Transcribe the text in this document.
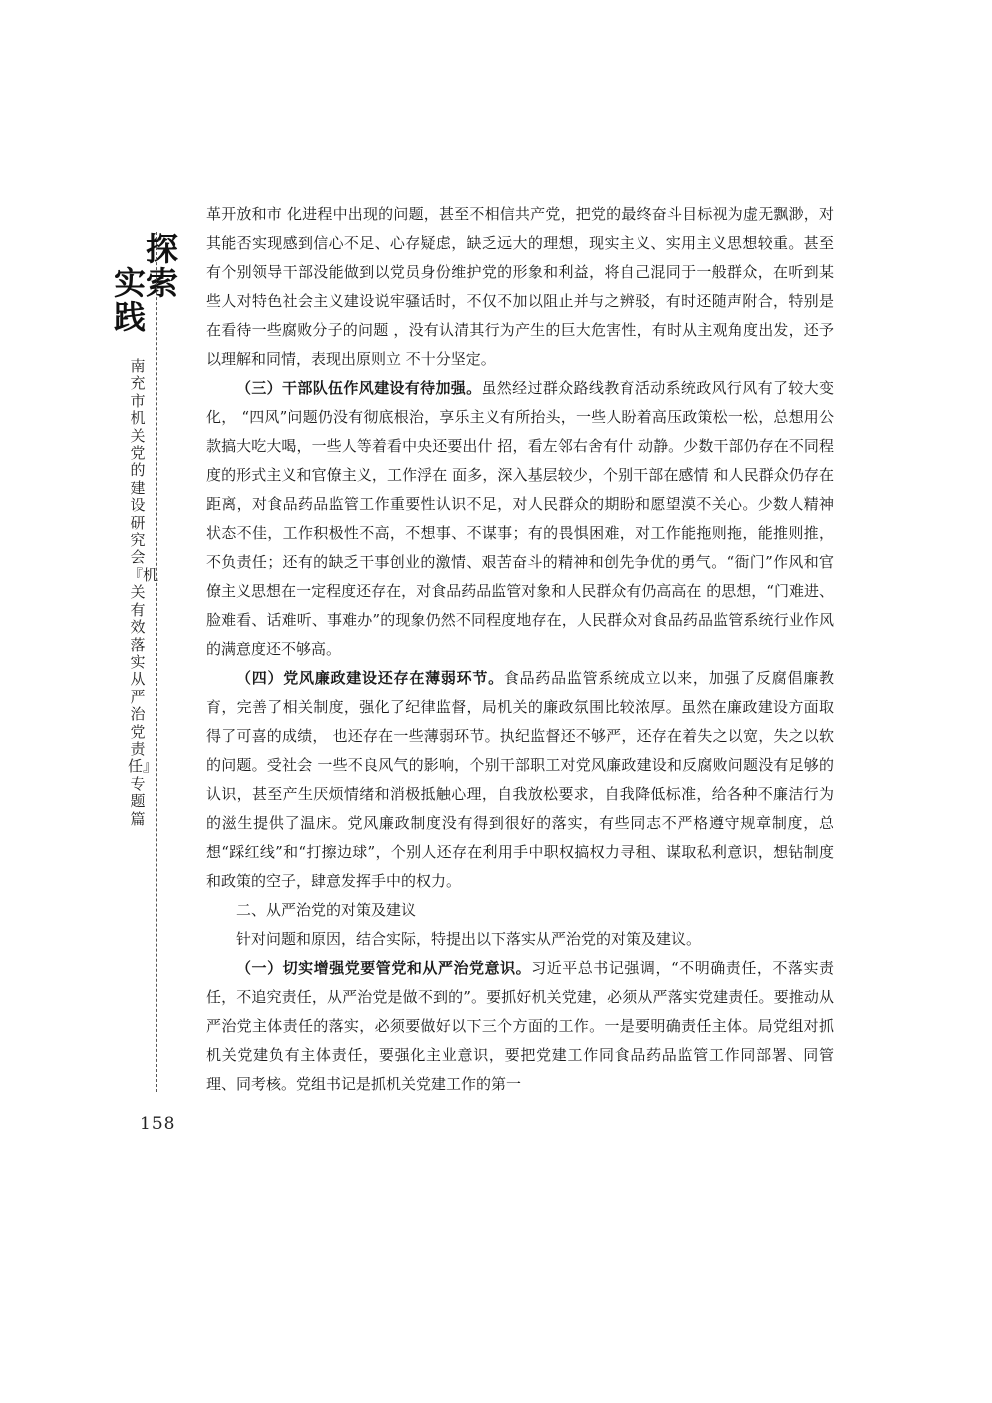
探索
实践
南充市机关党的建设研究会『机关有效落实从严治党责任』专题篇
158

革开放和市 化进程中出现的问题，甚至不相信共产党，把党的最终奋斗目标视为虚无飘渺，对其能否实现感到信心不足、心存疑虑，缺乏远大的理想，现实主义、实用主义思想较重。甚至有个别领导干部没能做到以党员身份维护党的形象和利益，将自己混同于一般群众，在听到某些人对特色社会主义建设说牢骚话时，不仅不加以阻止并与之辨驳，有时还随声附合，特别是在看待一些腐败分子的问题 ，没有认清其行为产生的巨大危害性，有时从主观角度出发，还予以理解和同情，表现出原则立 不十分坚定。

（三）干部队伍作风建设有待加强。虽然经过群众路线教育活动系统政风行风有了较大变化， “四风”问题仍没有彻底根治，享乐主义有所抬头，一些人盼着高压政策松一松，总想用公款搞大吃大喝，一些人等着看中央还要出什 招，看左邻右舍有什 动静。少数干部仍存在不同程度的形式主义和官僚主义，工作浮在 面多，深入基层较少，个别干部在感情 和人民群众仍存在距离，对食品药品监管工作重要性认识不足，对人民群众的期盼和愿望漠不关心。少数人精神状态不佳，工作积极性不高，不想事、不谋事；有的畏惧困难，对工作能拖则拖，能推则推，不负责任；还有的缺乏干事创业的激情、艰苦奋斗的精神和创先争优的勇气。“衙门”作风和官僚主义思想在一定程度还存在，对食品药品监管对象和人民群众有仍高高在 的思想，“门难进、脸难看、话难听、事难办”的现象仍然不同程度地存在，人民群众对食品药品监管系统行业作风的满意度还不够高。

（四）党风廉政建设还存在薄弱环节。食品药品监管系统成立以来，加强了反腐倡廉教育，完善了相关制度，强化了纪律监督，局机关的廉政氛围比较浓厚。虽然在廉政建设方面取得了可喜的成绩， 也还存在一些薄弱环节。执纪监督还不够严，还存在着失之以宽，失之以软的问题。受社会 一些不良风气的影响，个别干部职工对党风廉政建设和反腐败问题没有足够的认识，甚至产生厌烦情绪和消极抵触心理，自我放松要求，自我降低标准，给各种不廉洁行为的滋生提供了温床。党风廉政制度没有得到很好的落实，有些同志不严格遵守规章制度，总想“踩红线”和“打擦边球”，个别人还存在利用手中职权搞权力寻租、谋取私利意识，想钻制度和政策的空子，肆意发挥手中的权力。

二、从严治党的对策及建议

针对问题和原因，结合实际，特提出以下落实从严治党的对策及建议。

（一）切实增强党要管党和从严治党意识。习近平总书记强调，“不明确责任，不落实责任，不追究责任，从严治党是做不到的”。要抓好机关党建，必须从严落实党建责任。要推动从严治党主体责任的落实，必须要做好以下三个方面的工作。一是要明确责任主体。局党组对抓机关党建负有主体责任，要强化主业意识，要把党建工作同食品药品监管工作同部署、同管理、同考核。党组书记是抓机关党建工作的第一
